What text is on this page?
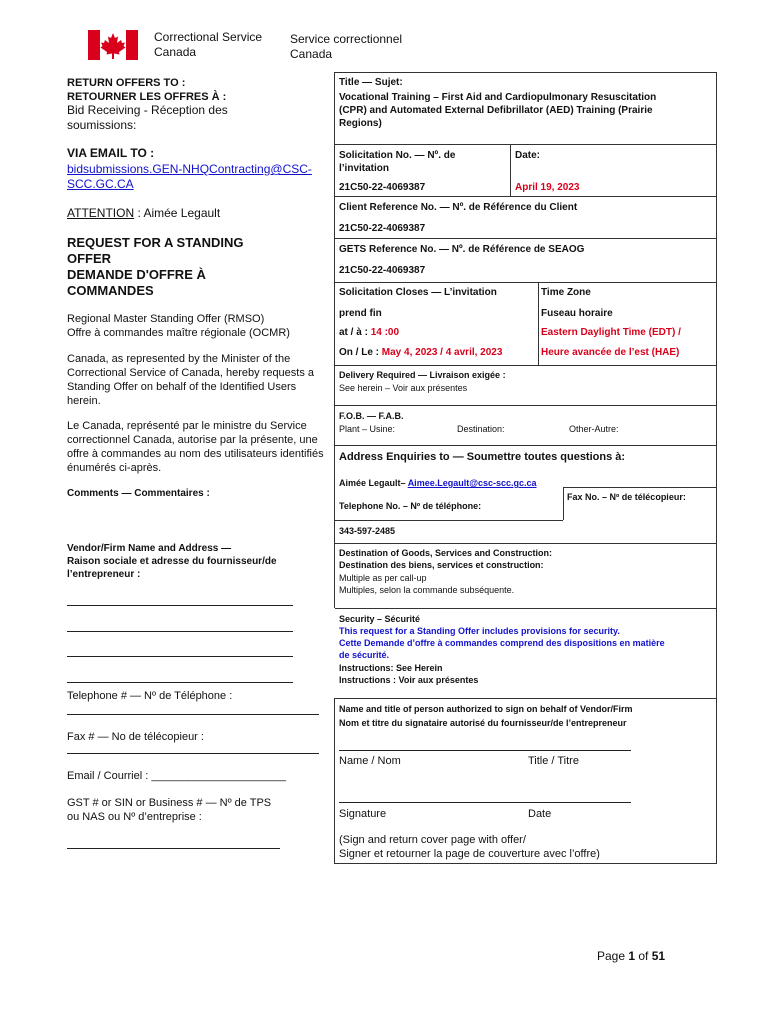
Correctional Service
Canada
Service correctionnel
Canada
RETURN OFFERS TO :
RETOURNER LES OFFRES À :
Bid Receiving - Réception des
soumissions:
VIA EMAIL TO :
bidsubmissions.GEN-NHQContracting@CSC-
SCC.GC.CA
ATTENTION : Aimée Legault
REQUEST FOR A STANDING
OFFER
DEMANDE D'OFFRE À
COMMANDES
Regional Master Standing Offer (RMSO)
Offre à commandes maître régionale (OCMR)
Canada, as represented by the Minister of the
Correctional Service of Canada, hereby requests a
Standing Offer on behalf of the Identified Users
herein.
Le Canada, représenté par le ministre du Service
correctionnel Canada, autorise par la présente, une
offre à commandes au nom des utilisateurs identifiés
énumérés ci-après.
Comments — Commentaires :
Vendor/Firm Name and Address —
Raison sociale et adresse du fournisseur/de
l’entrepreneur :
Telephone # — Nº de Téléphone :
Fax # — No de télécopieur :
Email / Courriel : ______________________
GST # or SIN or Business # — Nº de TPS
ou NAS ou Nº d’entreprise :
Title — Sujet:
Vocational Training – First Aid and Cardiopulmonary Resuscitation
(CPR) and Automated External Defibrillator (AED) Training (Prairie
Regions)
Solicitation No. — Nº. de
l’invitation
21C50-22-4069387
Date:
April 19, 2023
Client Reference No. — Nº. de Référence du Client
21C50-22-4069387
GETS Reference No. — Nº. de Référence de SEAOG
21C50-22-4069387
Solicitation Closes — L’invitation
prend fin
at / à : 14 :00
On / Le : May 4, 2023 / 4 avril, 2023
Time Zone
Fuseau horaire
Eastern Daylight Time (EDT) /
Heure avancée de l’est (HAE)
Delivery Required — Livraison exigée :
See herein – Voir aux présentes
F.O.B. — F.A.B.
Plant – Usine:	Destination:	Other-Autre:
Address Enquiries to — Soumettre toutes questions à:
Aimée Legault– Aimee.Legault@csc-scc.gc.ca
Telephone No. – Nº de téléphone:
Fax No. – Nº de télécopieur:
343-597-2485
Destination of Goods, Services and Construction:
Destination des biens, services et construction:
Multiple as per call-up
Multiples, selon la commande subséquente.
Security – Sécurité
This request for a Standing Offer includes provisions for security.
Cette Demande d’offre à commandes comprend des dispositions en matière
de sécurité.
Instructions: See Herein
Instructions : Voir aux présentes
Name and title of person authorized to sign on behalf of Vendor/Firm
Nom et titre du signataire autorisé du fournisseur/de l’entrepreneur
Name / Nom	Title / Titre
Signature	Date
(Sign and return cover page with offer/
Signer et retourner la page de couverture avec l’offre)
Page 1 of 51
